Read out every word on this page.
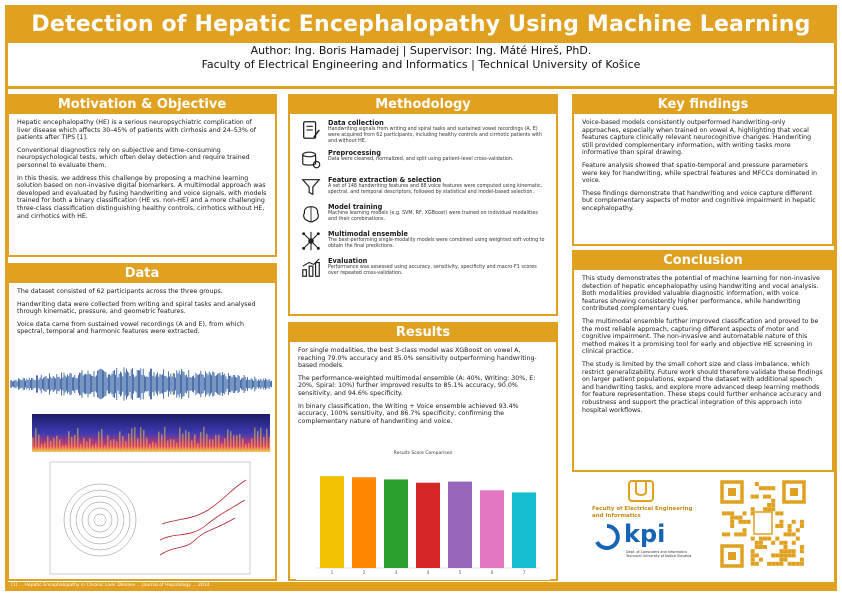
Detection of Hepatic Encephalopathy Using Machine Learning
Author: Ing. Boris Hamadej | Supervisor: Ing. Máté Hireš, PhD.
Faculty of Electrical Engineering and Informatics | Technical University of Košice
Motivation & Objective

Hepatic encephalopathy (HE) is a serious neuropsychiatric complication of liver disease which affects 30–45% of patients with cirrhosis and 24–53% of patients after TIPS [1].

Conventional diagnostics rely on subjective and time-consuming neuropsychological tests, which often delay detection and require trained personnel to evaluate them.

In this thesis, we address this challenge by proposing a machine learning solution based on non-invasive digital biomarkers. A multimodal approach was developed and evaluated by fusing handwriting and voice signals, with models trained for both a binary classification (HE vs. non-HE) and a more challenging three-class classification distinguishing healthy controls, cirrhotics without HE, and cirrhotics with HE.

Data

The dataset consisted of 62 participants across the three groups.

Handwriting data were collected from writing and spiral tasks and analysed through kinematic, pressure, and geometric features.

Voice data came from sustained vowel recordings (A and E), from which spectral, temporal and harmonic features were extracted.

Methodology
Data collection
Handwriting signals from writing and spiral tasks and sustained vowel recordings (A, E) were acquired from 62 participants, including healthy controls and cirrhotic patients with and without HE.
Preprocessing
Data were cleaned, normalized, and split using patient-level cross-validation.
Feature extraction & selection
A set of 148 handwriting features and 88 voice features were computed using kinematic, spectral, and temporal descriptors, followed by statistical and model-based selection.
Model training
Machine learning models (e.g. SVM, RF, XGBoost) were trained on individual modalities and their combinations.
Multimodal ensemble
The best-performing single-modality models were combined using weighted soft voting to obtain the final predictions.
Evaluation
Performance was assessed using accuracy, sensitivity, specificity and macro-F1 scores over repeated cross-validation.
Results

For single modalities, the best 3-class model was XGBoost on vowel A, reaching 79.0% accuracy and 85.0% sensitivity outperforming handwriting-based models.

The performance-weighted multimodal ensemble (A: 40%, Writing: 30%, E: 20%, Spiral: 10%) further improved results to 85.1% accuracy, 90.0% sensitivity, and 94.6% specificity.

In binary classification, the Writing + Voice ensemble achieved 93.4% accuracy, 100% sensitivity, and 86.7% specificity, confirming the complementary nature of handwriting and voice.

Results Score Comparison
1	2	3	4	5	6	7
Key findings

Voice-based models consistently outperformed handwriting-only approaches, especially when trained on vowel A, highlighting that vocal features capture clinically relevant neurocognitive changes. Handwriting still provided complementary information, with writing tasks more informative than spiral drawing.

Feature analysis showed that spatio-temporal and pressure parameters were key for handwriting, while spectral features and MFCCs dominated in voice.

These findings demonstrate that handwriting and voice capture different but complementary aspects of motor and cognitive impairment in hepatic encephalopathy.

Conclusion

This study demonstrates the potential of machine learning for non-invasive detection of hepatic encephalopathy using handwriting and vocal analysis. Both modalities provided valuable diagnostic information, with voice features showing consistently higher performance, while handwriting contributed complementary cues.

The multimodal ensemble further improved classification and proved to be the most reliable approach, capturing different aspects of motor and cognitive impairment. The non-invasive and automatable nature of this method makes it a promising tool for early and objective HE screening in clinical practice.

The study is limited by the small cohort size and class imbalance, which restrict generalizability. Future work should therefore validate these findings on larger patient populations, expand the dataset with additional speech and handwriting tasks, and explore more advanced deep learning methods for feature representation. These steps could further enhance accuracy and robustness and support the practical integration of this approach into hospital workflows.

Faculty of Electrical Engineering and Informatics
kpi
Dept. of Computers and Informatics Technical University of Košice Slovakia
[1] ... Hepatic Encephalopathy in Chronic Liver Disease ... Journal of Hepatology ... 2014
